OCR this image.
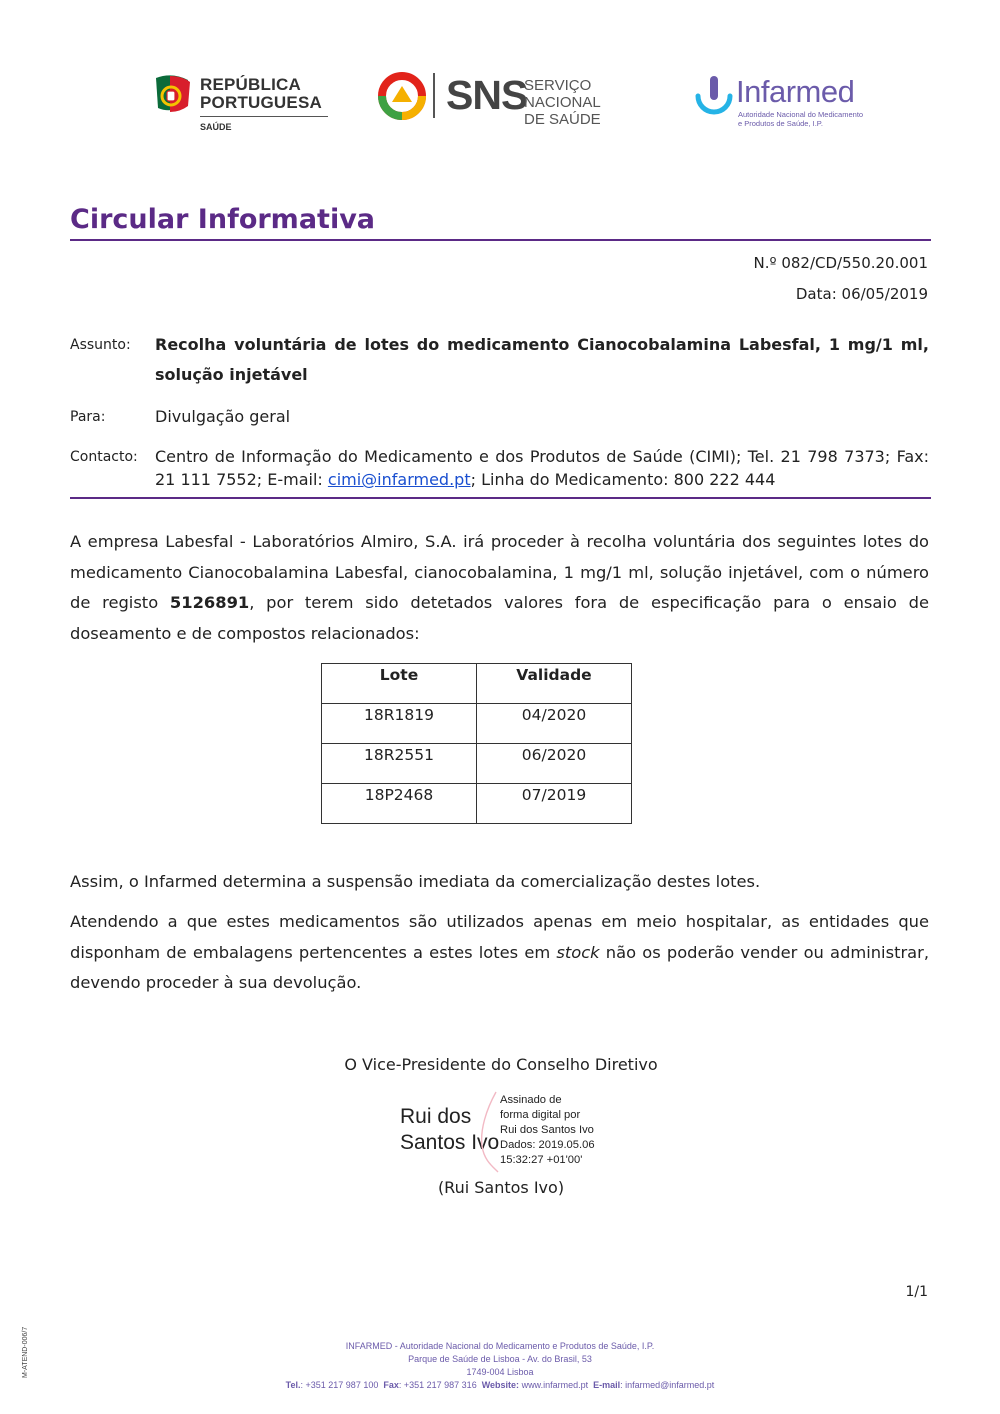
REPÚBLICA
PORTUGUESA
SAÚDE
SNS
SERVIÇO NACIONAL
DE SAÚDE
Infarmed
Autoridade Nacional do Medicamento
e Produtos de Saúde, I.P.
Circular Informativa
N.º 082/CD/550.20.001
Data: 06/05/2019
Assunto: Recolha voluntária de lotes do medicamento Cianocobalamina Labesfal, 1 mg/1 ml, solução injetável
Para:	Divulgação geral
Contacto: Centro de Informação do Medicamento e dos Produtos de Saúde (CIMI); Tel. 21 798 7373; Fax: 21 111 7552; E-mail: cimi@infarmed.pt; Linha do Medicamento: 800 222 444
A empresa Labesfal - Laboratórios Almiro, S.A. irá proceder à recolha voluntária dos seguintes lotes do medicamento Cianocobalamina Labesfal, cianocobalamina, 1 mg/1 ml, solução injetável, com o número de registo 5126891, por terem sido detetados valores fora de especificação para o ensaio de doseamento e de compostos relacionados:
Lote	Validade
18R1819	04/2020
18R2551	06/2020
18P2468	07/2019
Assim, o Infarmed determina a suspensão imediata da comercialização destes lotes.
Atendendo a que estes medicamentos são utilizados apenas em meio hospitalar, as entidades que disponham de embalagens pertencentes a estes lotes em stock não os poderão vender ou administrar, devendo proceder à sua devolução.
O Vice-Presidente do Conselho Diretivo
Rui dos
Santos Ivo
Assinado de
forma digital por
Rui dos Santos Ivo
Dados: 2019.05.06
15:32:27 +01'00'
(Rui Santos Ivo)
1/1
INFARMED - Autoridade Nacional do Medicamento e Produtos de Saúde, I.P.
Parque de Saúde de Lisboa - Av. do Brasil, 53
1749-004 Lisboa
Tel.: +351 217 987 100 Fax: +351 217 987 316 Website: www.infarmed.pt E-mail: infarmed@infarmed.pt
M-ATEND-006/7
